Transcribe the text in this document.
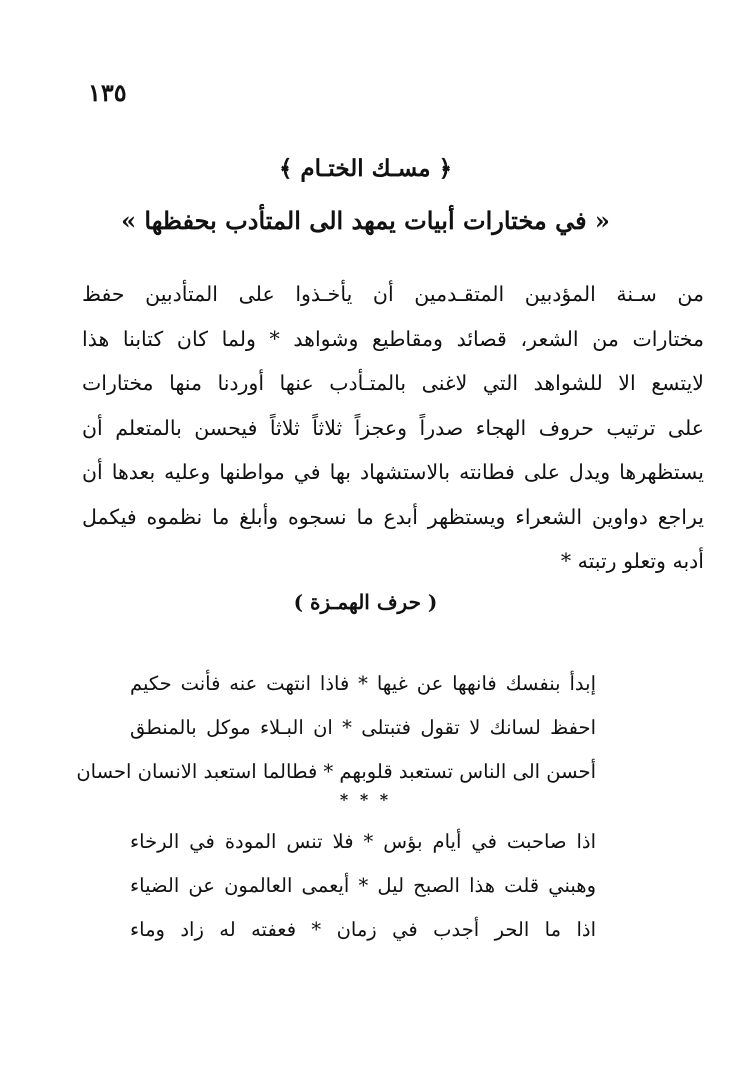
١٣٥
﴿ مسـك الختـام ﴾
« في مختارات أبيات يمهد الى المتأدب بحفظها »
من سـنة المؤدبين المتقـدمين أن يأخـذوا على المتأدبين حفظ
مختارات من الشعر، قصائد ومقاطيع وشواهد * ولما كان كتابنا هذا
لايتسع الا للشواهد التي لاغنى بالمتـأدب عنها أوردنا منها مختارات
على ترتيب حروف الهجاء صدراً وعجزاً ثلاثاً ثلاثاً فيحسن بالمتعلم أن
يستظهرها ويدل على فطانته بالاستشهاد بها في مواطنها وعليه بعدها أن
يراجع دواوين الشعراء ويستظهر أبدع ما نسجوه وأبلغ ما نظموه فيكمل
أدبه وتعلو رتبته *
( حرف الهمـزة )
إبدأ بنفسك فانهها عن غيها * فاذا انتهت عنه فأنت حكيم
احفظ لسانك لا تقول فتبتلى * ان البـلاء موكل بالمنطق
أحسن الى الناس تستعبد قلوبهم * فطالما استعبد الانسان احسان
* * *
اذا صاحبت في أيام بؤس * فلا تنس المودة في الرخاء
وهبني قلت هذا الصبح ليل * أيعمى العالمون عن الضياء
اذا ما الحر أجدب في زمان * فعفته له زاد وماء
